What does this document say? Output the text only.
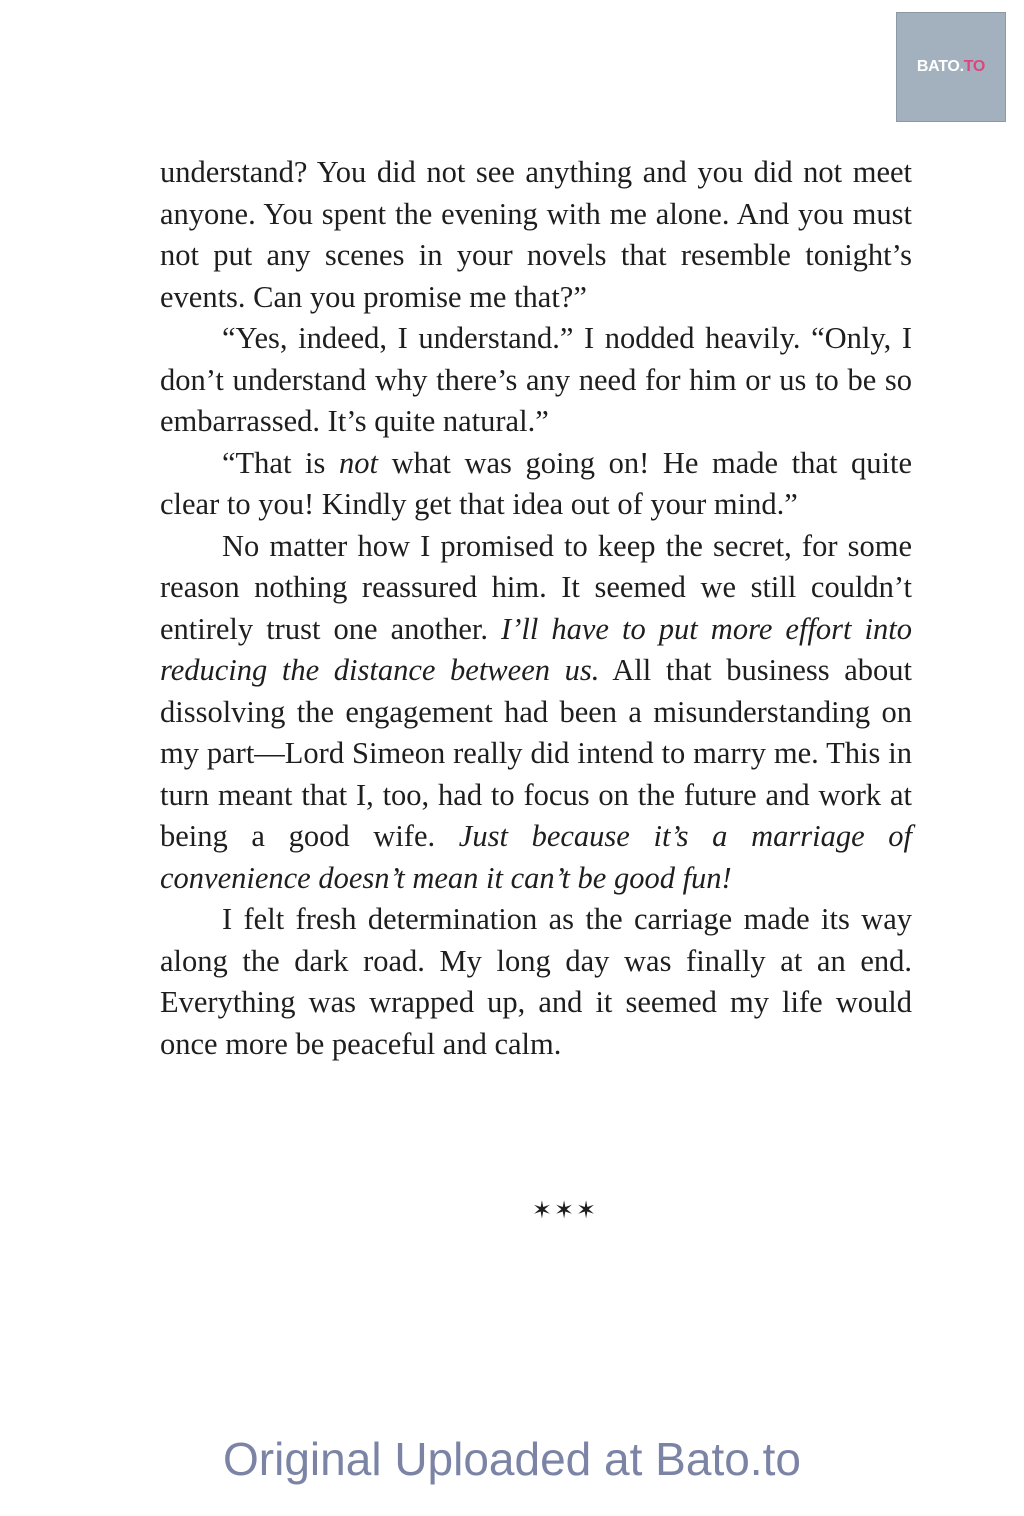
BATO. TO

understand? You did not see anything and you did not meet anyone. You spent the evening with me alone. And you must not put any scenes in your novels that resemble tonight’s events. Can you promise me that?”

“Yes, indeed, I understand.” I nodded heavily. “Only, I don’t understand why there’s any need for him or us to be so embarrassed. It’s quite natural.”

“That is not what was going on! He made that quite clear to you! Kindly get that idea out of your mind.”

No matter how I promised to keep the secret, for some reason nothing reassured him. It seemed we still couldn’t entirely trust one another. I’ll have to put more effort into reducing the distance between us. All that business about dissolving the engagement had been a misunderstanding on my part—Lord Simeon really did intend to marry me. This in turn meant that I, too, had to focus on the future and work at being a good wife. Just because it’s a marriage of convenience doesn’t mean it can’t be good fun!

I felt fresh determination as the carriage made its way along the dark road. My long day was finally at an end. Everything was wrapped up, and it seemed my life would once more be peaceful and calm.

✶✶✶
Original Uploaded at Bato.to
